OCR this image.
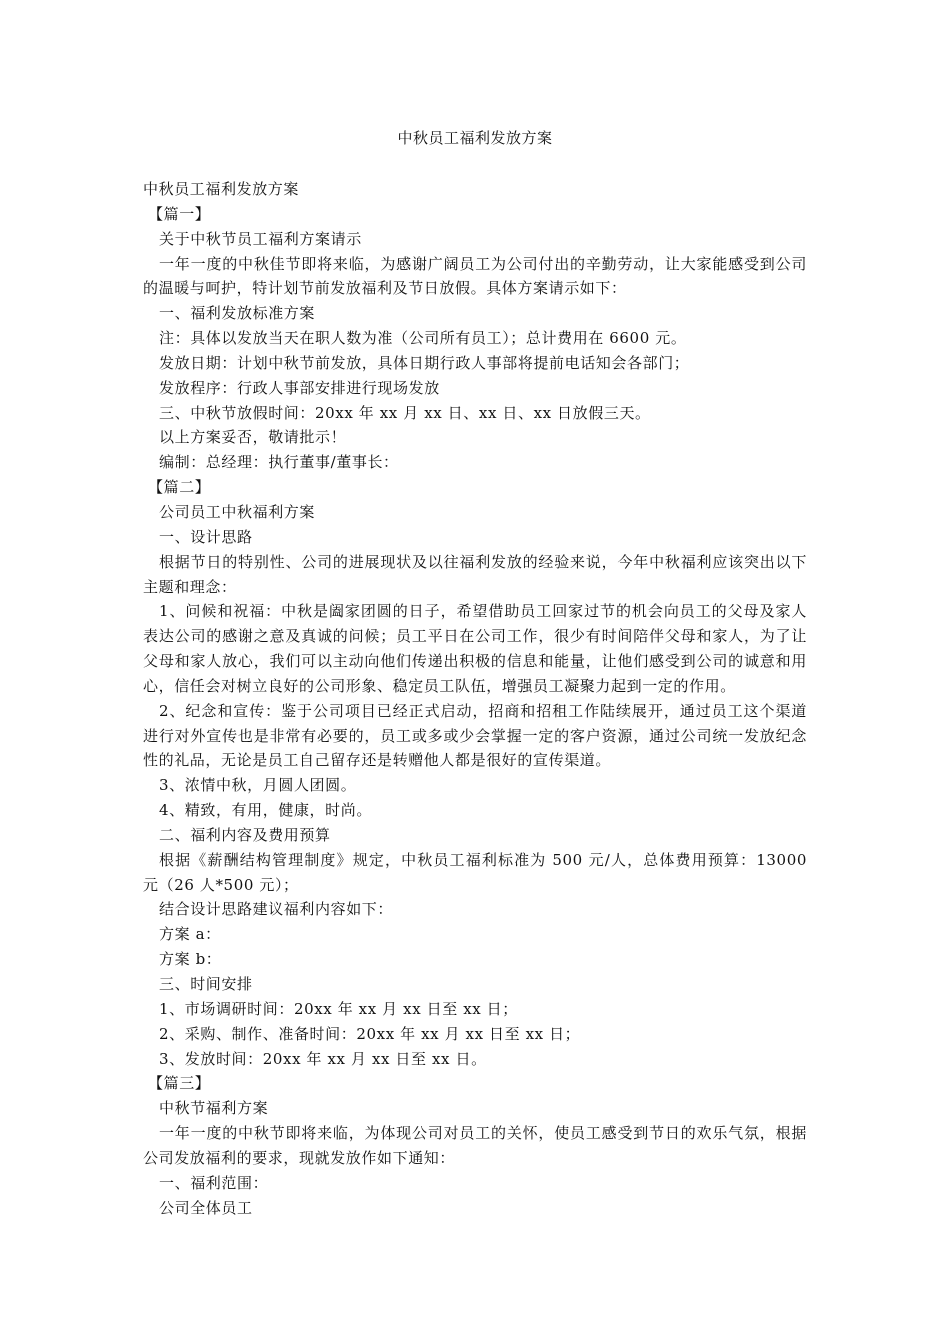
中秋员工福利发放方案

中秋员工福利发放方案

【篇一】

关于中秋节员工福利方案请示

一年一度的中秋佳节即将来临，为感谢广阔员工为公司付出的辛勤劳动，让大家能感受到公司的温暖与呵护，特计划节前发放福利及节日放假。具体方案请示如下：

一、福利发放标准方案

注：具体以发放当天在职人数为准（公司所有员工）；总计费用在 6600 元。

发放日期：计划中秋节前发放，具体日期行政人事部将提前电话知会各部门；

发放程序：行政人事部安排进行现场发放

三、中秋节放假时间：20xx 年 xx 月 xx 日、xx 日、xx 日放假三天。

以上方案妥否，敬请批示！

编制：总经理：执行董事/董事长：

【篇二】

公司员工中秋福利方案

一、设计思路

根据节日的特别性、公司的进展现状及以往福利发放的经验来说，今年中秋福利应该突出以下主题和理念：

1、问候和祝福：中秋是阖家团圆的日子，希望借助员工回家过节的机会向员工的父母及家人表达公司的感谢之意及真诚的问候；员工平日在公司工作，很少有时间陪伴父母和家人，为了让父母和家人放心，我们可以主动向他们传递出积极的信息和能量，让他们感受到公司的诚意和用心，信任会对树立良好的公司形象、稳定员工队伍，增强员工凝聚力起到一定的作用。

2、纪念和宣传：鉴于公司项目已经正式启动，招商和招租工作陆续展开，通过员工这个渠道进行对外宣传也是非常有必要的，员工或多或少会掌握一定的客户资源，通过公司统一发放纪念性的礼品，无论是员工自己留存还是转赠他人都是很好的宣传渠道。

3、浓情中秋，月圆人团圆。

4、精致，有用，健康，时尚。

二、福利内容及费用预算

根据《薪酬结构管理制度》规定，中秋员工福利标准为 500 元/人，总体费用预算：13000 元（26 人*500 元）；

结合设计思路建议福利内容如下：

方案 a：

方案 b：

三、时间安排

1、市场调研时间：20xx 年 xx 月 xx 日至 xx 日；

2、采购、制作、准备时间：20xx 年 xx 月 xx 日至 xx 日；

3、发放时间：20xx 年 xx 月 xx 日至 xx 日。

【篇三】

中秋节福利方案

一年一度的中秋节即将来临，为体现公司对员工的关怀，使员工感受到节日的欢乐气氛，根据公司发放福利的要求，现就发放作如下通知：

一、福利范围：

公司全体员工
